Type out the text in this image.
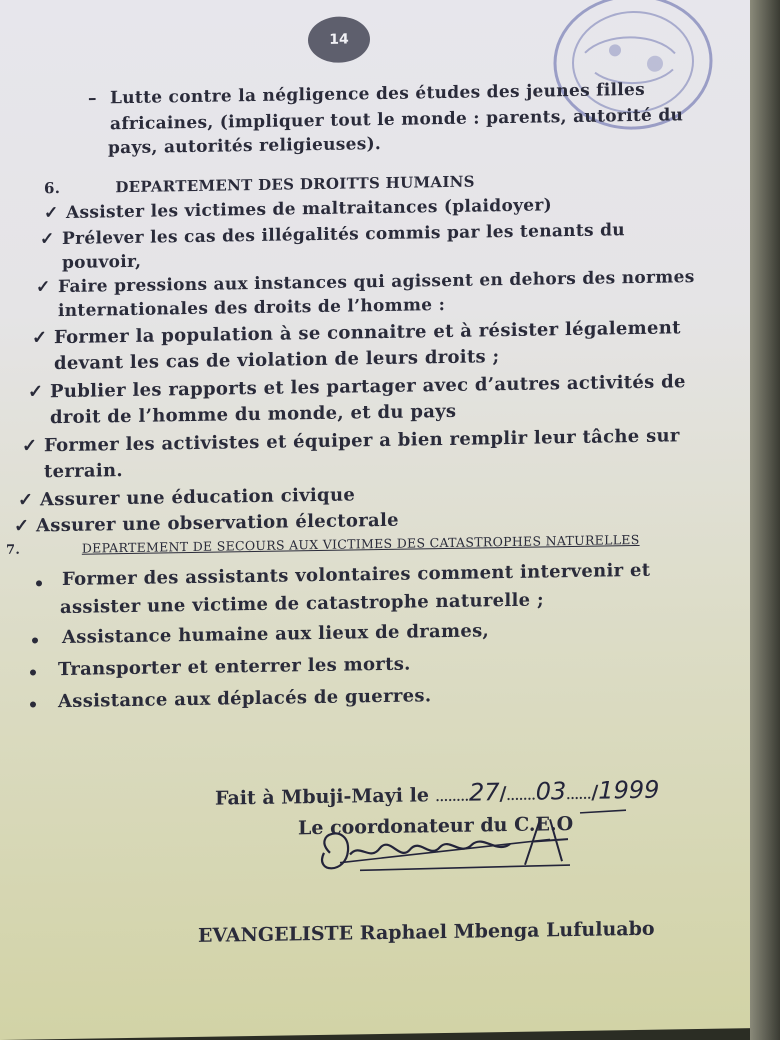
14
– Lutte contre la négligence des études des jeunes filles
africaines, (impliquer tout le monde : parents, autorité du
pays, autorités religieuses).
6.	DEPARTEMENT DES DROITTS HUMAINS
✓ Assister les victimes de maltraitances (plaidoyer)
✓ Prélever les cas des illégalités commis par les tenants du
pouvoir,
✓ Faire pressions aux instances qui agissent en dehors des normes
internationales des droits de l’homme :
✓ Former la population à se connaitre et à résister légalement
devant les cas de violation de leurs droits ;
✓ Publier les rapports et les partager avec d’autres activités de
droit de l’homme du monde, et du pays
✓ Former les activistes et équiper a bien remplir leur tâche sur
terrain.
✓ Assurer une éducation civique
✓ Assurer une observation électorale
7.	DEPARTEMENT DE SECOURS AUX VICTIMES DES CATASTROPHES NATURELLES
Former des assistants volontaires comment intervenir et
assister une victime de catastrophe naturelle ;
Assistance humaine aux lieux de drames,
Transporter et enterrer les morts.
Assistance aux déplacés de guerres.
Fait à Mbuji-Mayi le ........27/.......03....../1999
Le coordonateur du C.E.O
EVANGELISTE Raphael Mbenga Lufuluabo
